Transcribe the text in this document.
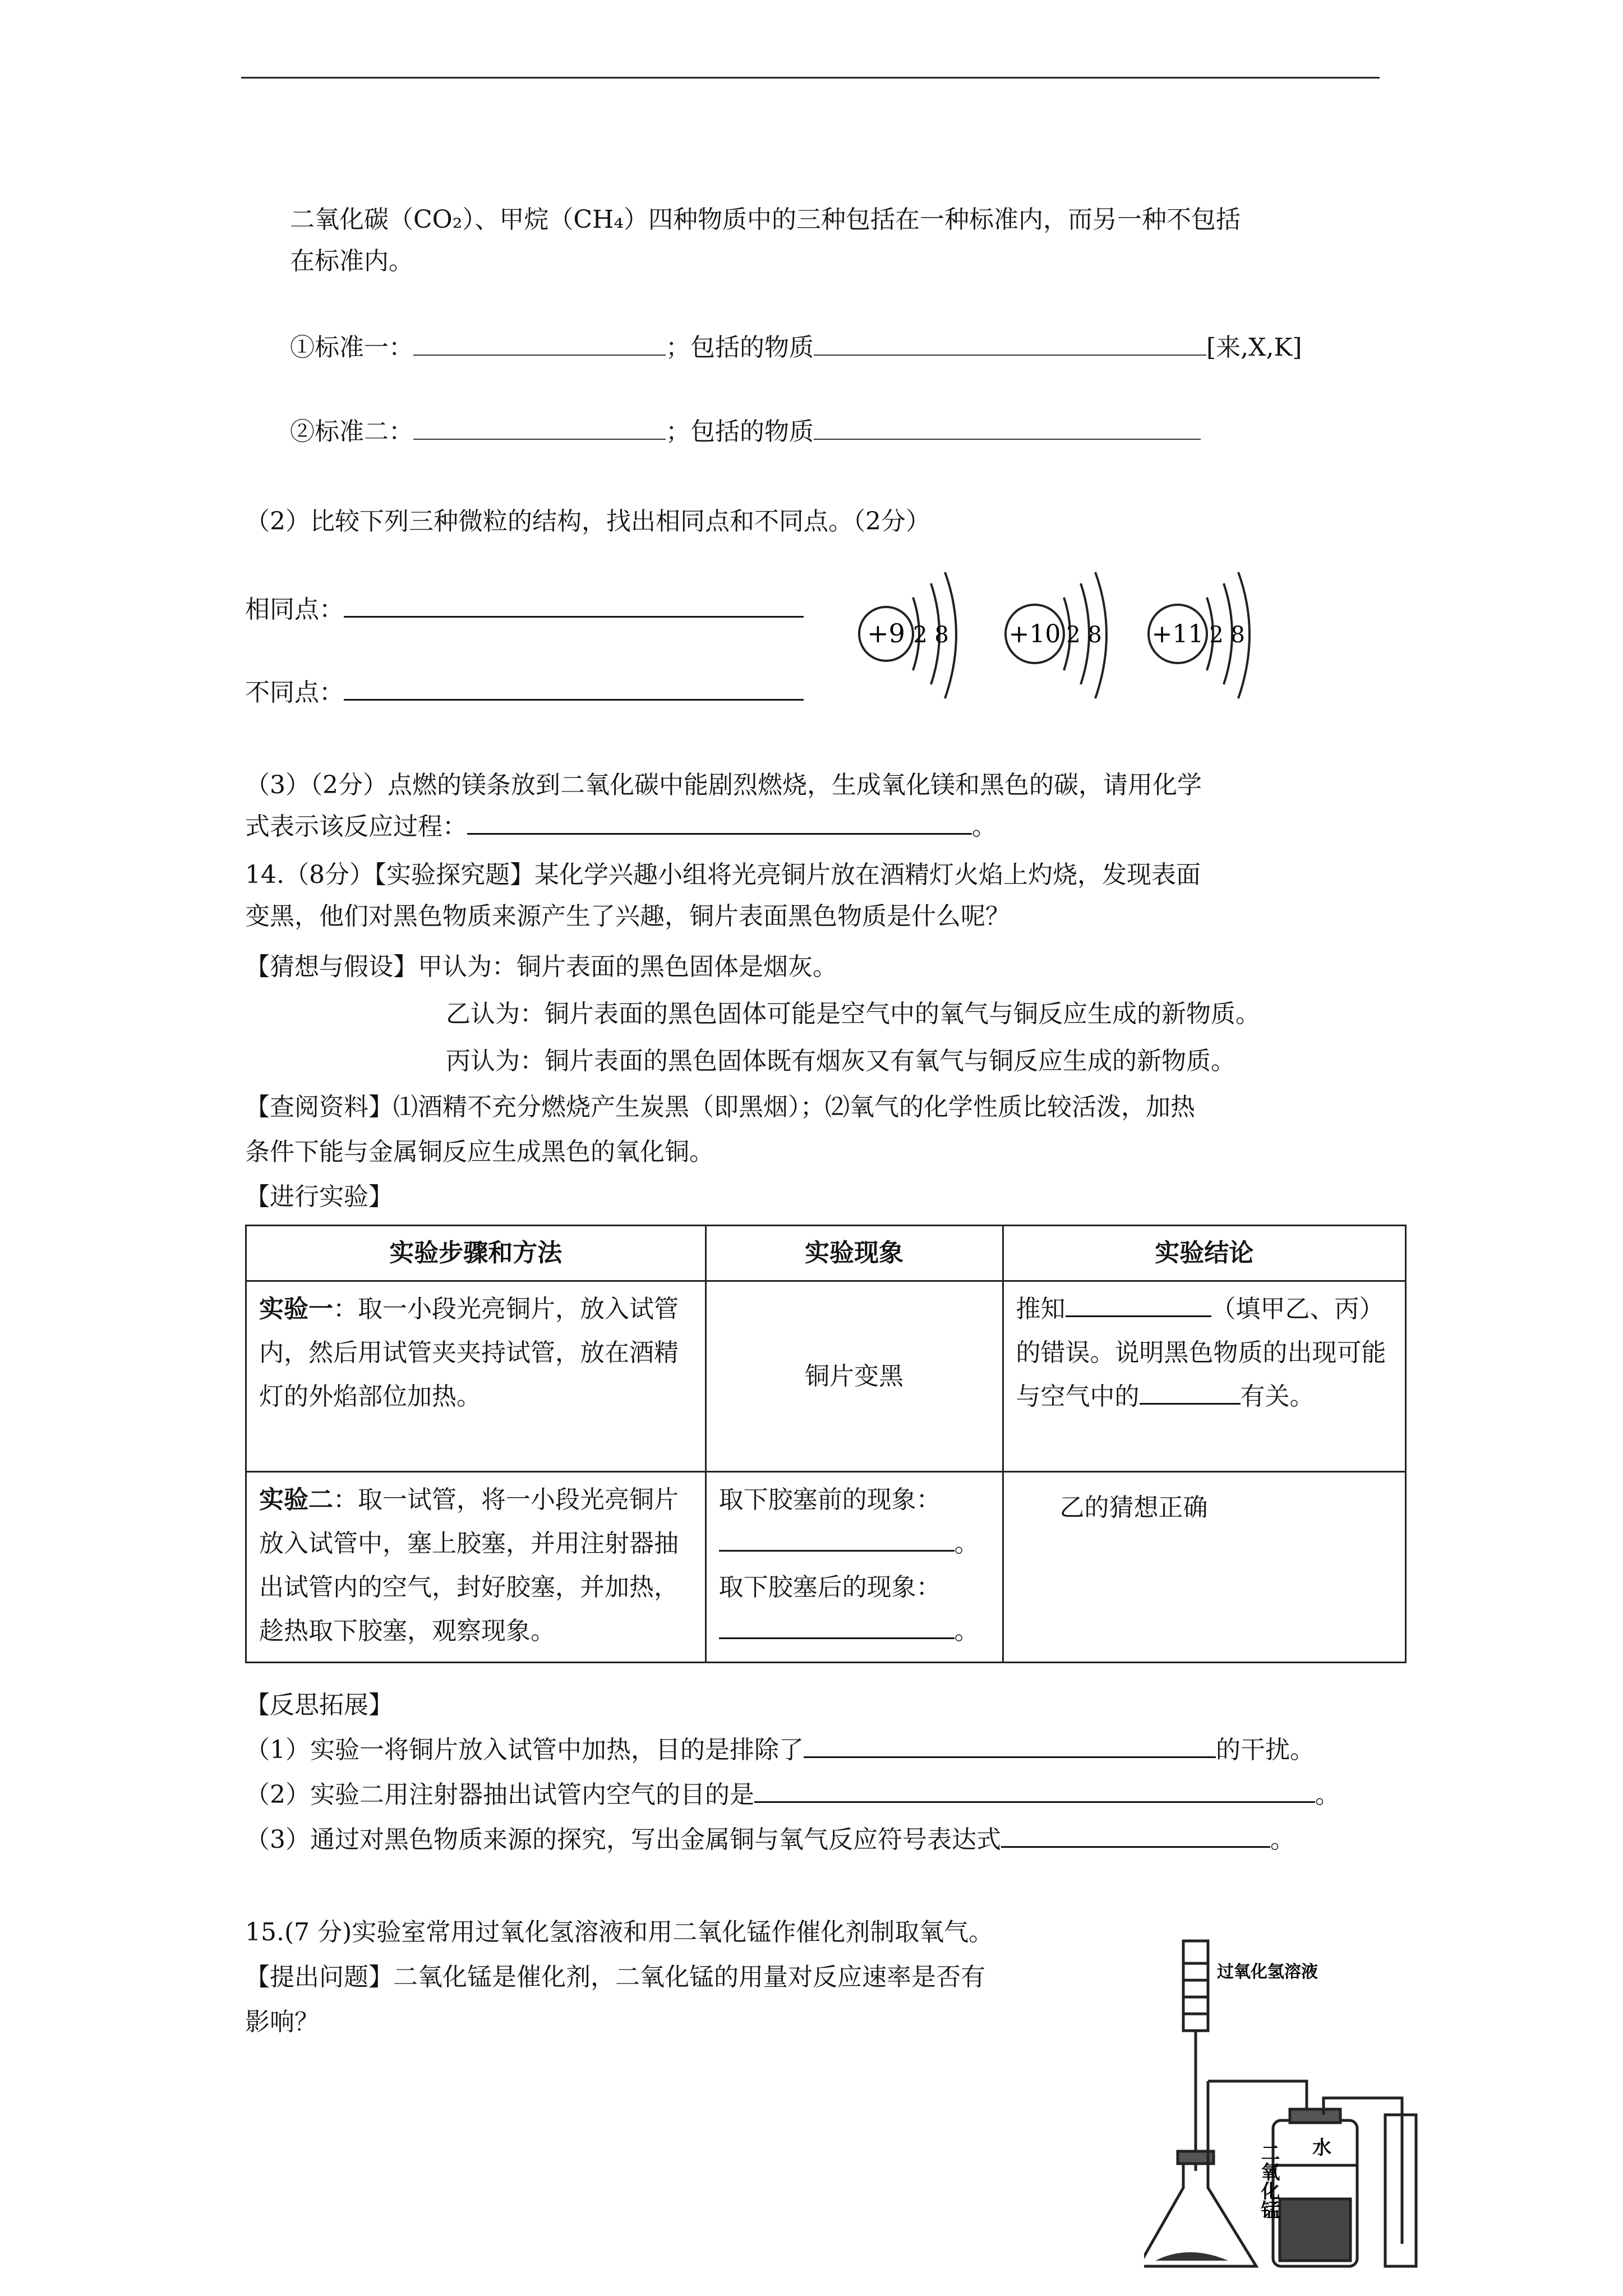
二氧化碳（CO₂）、甲烷（CH₄）四种物质中的三种包括在一种标准内，而另一种不包括
在标准内。
①标准一：	；包括的物质	[来,X,K]
②标准二：	；包括的物质
（2）比较下列三种微粒的结构，找出相同点和不同点。（2分）
相同点：
不同点：
+9 2 8 +10 2 8 +11 2 8
（3）（2分）点燃的镁条放到二氧化碳中能剧烈燃烧，生成氧化镁和黑色的碳，请用化学
式表示该反应过程：	。
14.（8分）【实验探究题】某化学兴趣小组将光亮铜片放在酒精灯火焰上灼烧，发现表面
变黑，他们对黑色物质来源产生了兴趣，铜片表面黑色物质是什么呢？
【猜想与假设】甲认为：铜片表面的黑色固体是烟灰。
乙认为：铜片表面的黑色固体可能是空气中的氧气与铜反应生成的新物质。
丙认为：铜片表面的黑色固体既有烟灰又有氧气与铜反应生成的新物质。
【查阅资料】⑴酒精不充分燃烧产生炭黑（即黑烟）；⑵氧气的化学性质比较活泼，加热
条件下能与金属铜反应生成黑色的氧化铜。
【进行实验】
实验步骤和方法	实验现象	实验结论
实验一：取一小段光亮铜片，放入试管内，然后用试管夹夹持试管，放在酒精灯的外焰部位加热。	铜片变黑	推知 （填甲乙、丙）的错误。说明黑色物质的出现可能与空气中的 有关。
实验二：取一试管，将一小段光亮铜片放入试管中，塞上胶塞，并用注射器抽出试管内的空气，封好胶塞，并加热，趁热取下胶塞，观察现象。	取下胶塞前的现象：
。
取下胶塞后的现象：
。	乙的猜想正确
【反思拓展】
（1）实验一将铜片放入试管中加热，目的是排除了	的干扰。
（2）实验二用注射器抽出试管内空气的目的是	。
（3）通过对黑色物质来源的探究，写出金属铜与氧气反应符号表达式	。
15.(7 分)实验室常用过氧化氢溶液和用二氧化锰作催化剂制取氧气。
【提出问题】二氧化锰是催化剂，二氧化锰的用量对反应速率是否有
影响？
过氧化氢溶液
二氧化锰 水
